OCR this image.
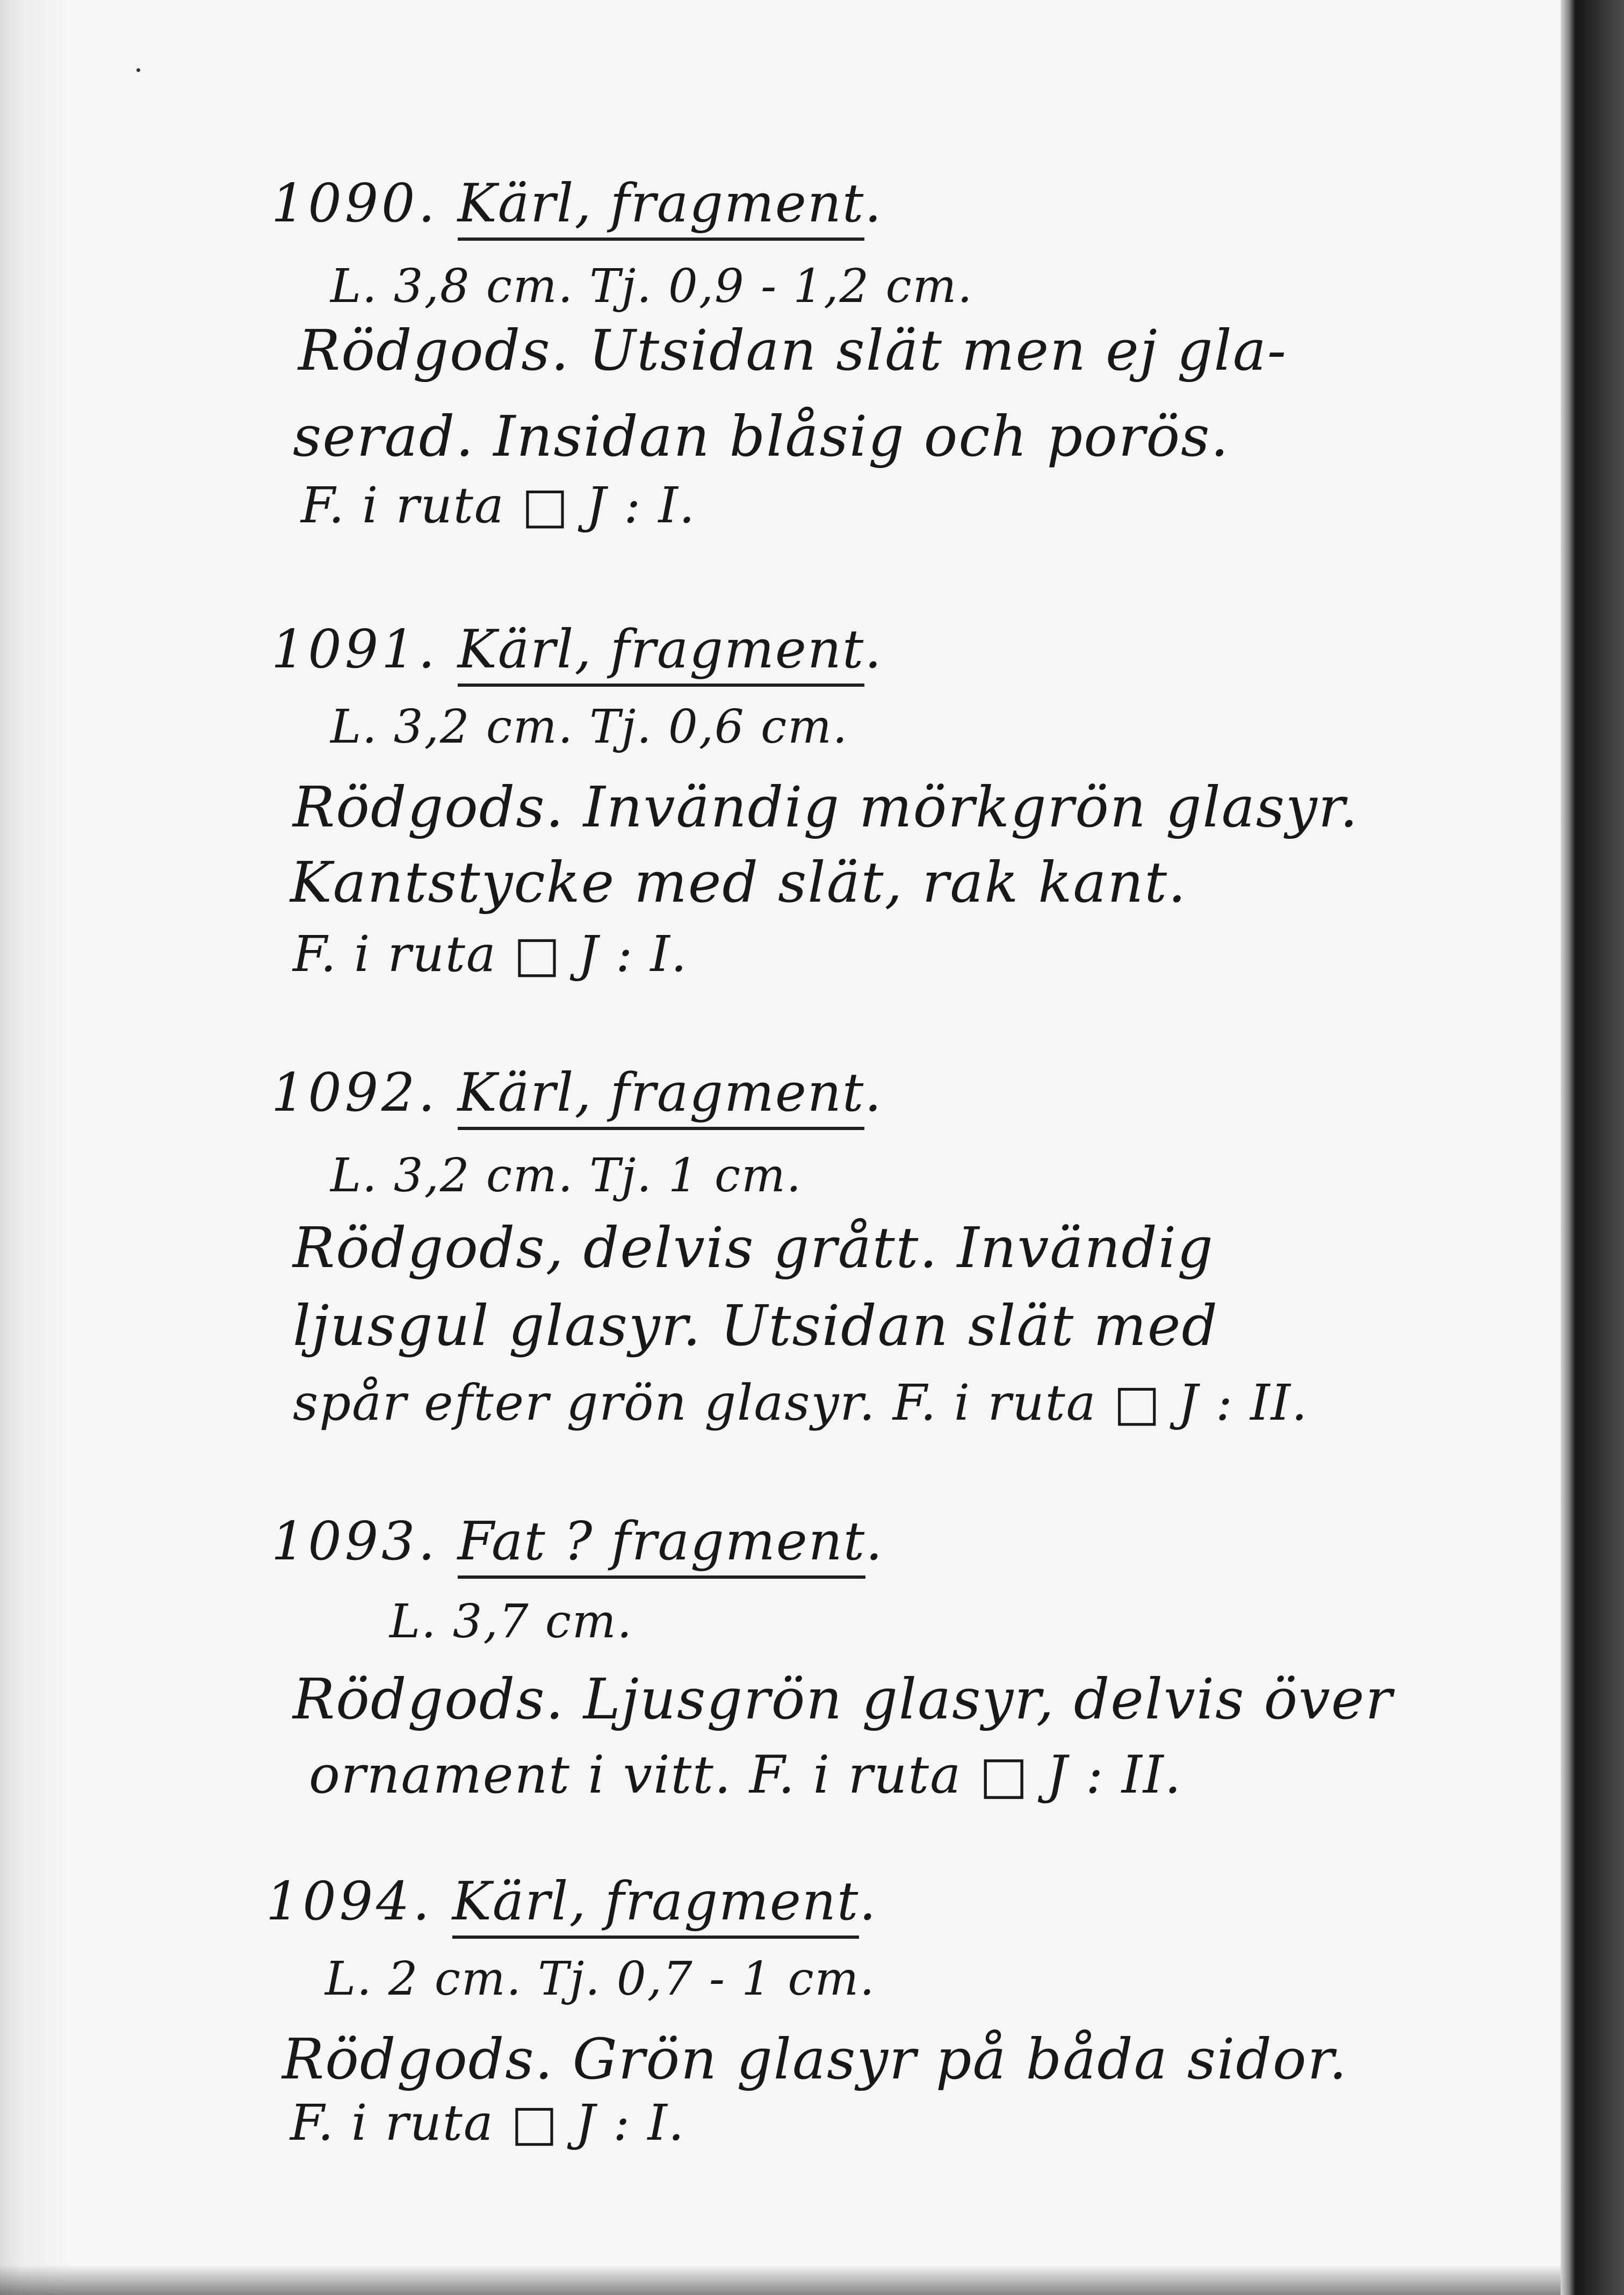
1090. Kärl, fragment.
L. 3,8 cm. Tj. 0,9 - 1,2 cm.
Rödgods. Utsidan slät men ej gla-
serad. Insidan blåsig och porös.
F. i ruta □ J : I.
1091. Kärl, fragment.
L. 3,2 cm. Tj. 0,6 cm.
Rödgods. Invändig mörkgrön glasyr.
Kantstycke med slät, rak kant.
F. i ruta □ J : I.
1092. Kärl, fragment.
L. 3,2 cm. Tj. 1 cm.
Rödgods, delvis grått. Invändig
ljusgul glasyr. Utsidan slät med
spår efter grön glasyr. F. i ruta □ J : II.
1093. Fat ? fragment.
L. 3,7 cm.
Rödgods. Ljusgrön glasyr, delvis över
ornament i vitt. F. i ruta □ J : II.
1094. Kärl, fragment.
L. 2 cm. Tj. 0,7 - 1 cm.
Rödgods. Grön glasyr på båda sidor.
F. i ruta □ J : I.
